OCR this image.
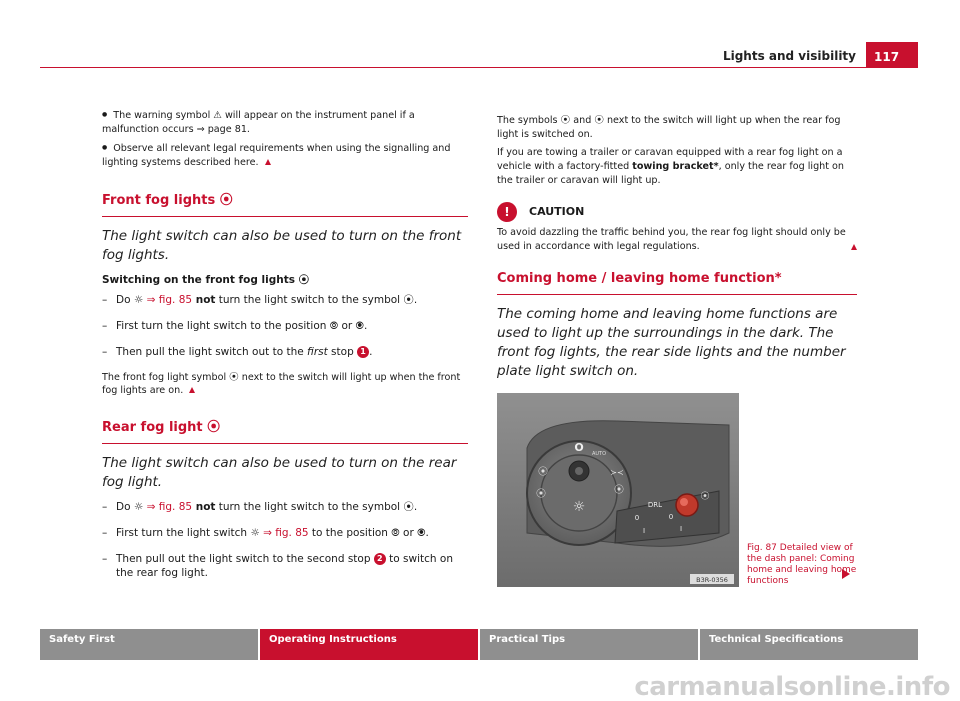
Lights and visibility	117

● The warning symbol ⚠ will appear on the instrument panel if a malfunction occurs ⇒ page 81.

● Observe all relevant legal requirements when using the signalling and lighting systems described here.

Front fog lights ⦿
The light switch can also be used to turn on the front fog lights.
Switching on the front fog lights ⦿
– Do ☼ ⇒ fig. 85 not turn the light switch to the symbol ⦿.
– First turn the light switch to the position ⦾ or ⦿.
– Then pull the light switch out to the first stop 1 .

The front fog light symbol ⦿ next to the switch will light up when the front fog lights are on.

Rear fog light ⦿
The light switch can also be used to turn on the rear fog light.
– Do ☼ ⇒ fig. 85 not turn the light switch to the symbol ⦿.
– First turn the light switch ☼ ⇒ fig. 85 to the position ⦾ or ⦿.
– Then pull out the light switch to the second stop 2 to switch on the rear fog light.

The symbols ⦿ and ⦿ next to the switch will light up when the rear fog light is switched on.

If you are towing a trailer or caravan equipped with a rear fog light on a vehicle with a factory-fitted towing bracket*, only the rear fog light on the trailer or caravan will light up.

!	CAUTION

To avoid dazzling the traffic behind you, the rear fog light should only be used in accordance with legal regulations.

Coming home / leaving home function*
The coming home and leaving home functions are used to light up the surroundings in the dark. The front fog lights, the rear side lights and the number plate light switch on.
O AUTO
☼
⦿
⦿
≻≺
⦿
DRL
0
I
0
I
⦿
B3R-0356
Fig. 87 Detailed view of the dash panel: Coming home and leaving home functions
Safety First	Operating Instructions	Practical Tips	Technical Specifications
carmanualsonline.info
